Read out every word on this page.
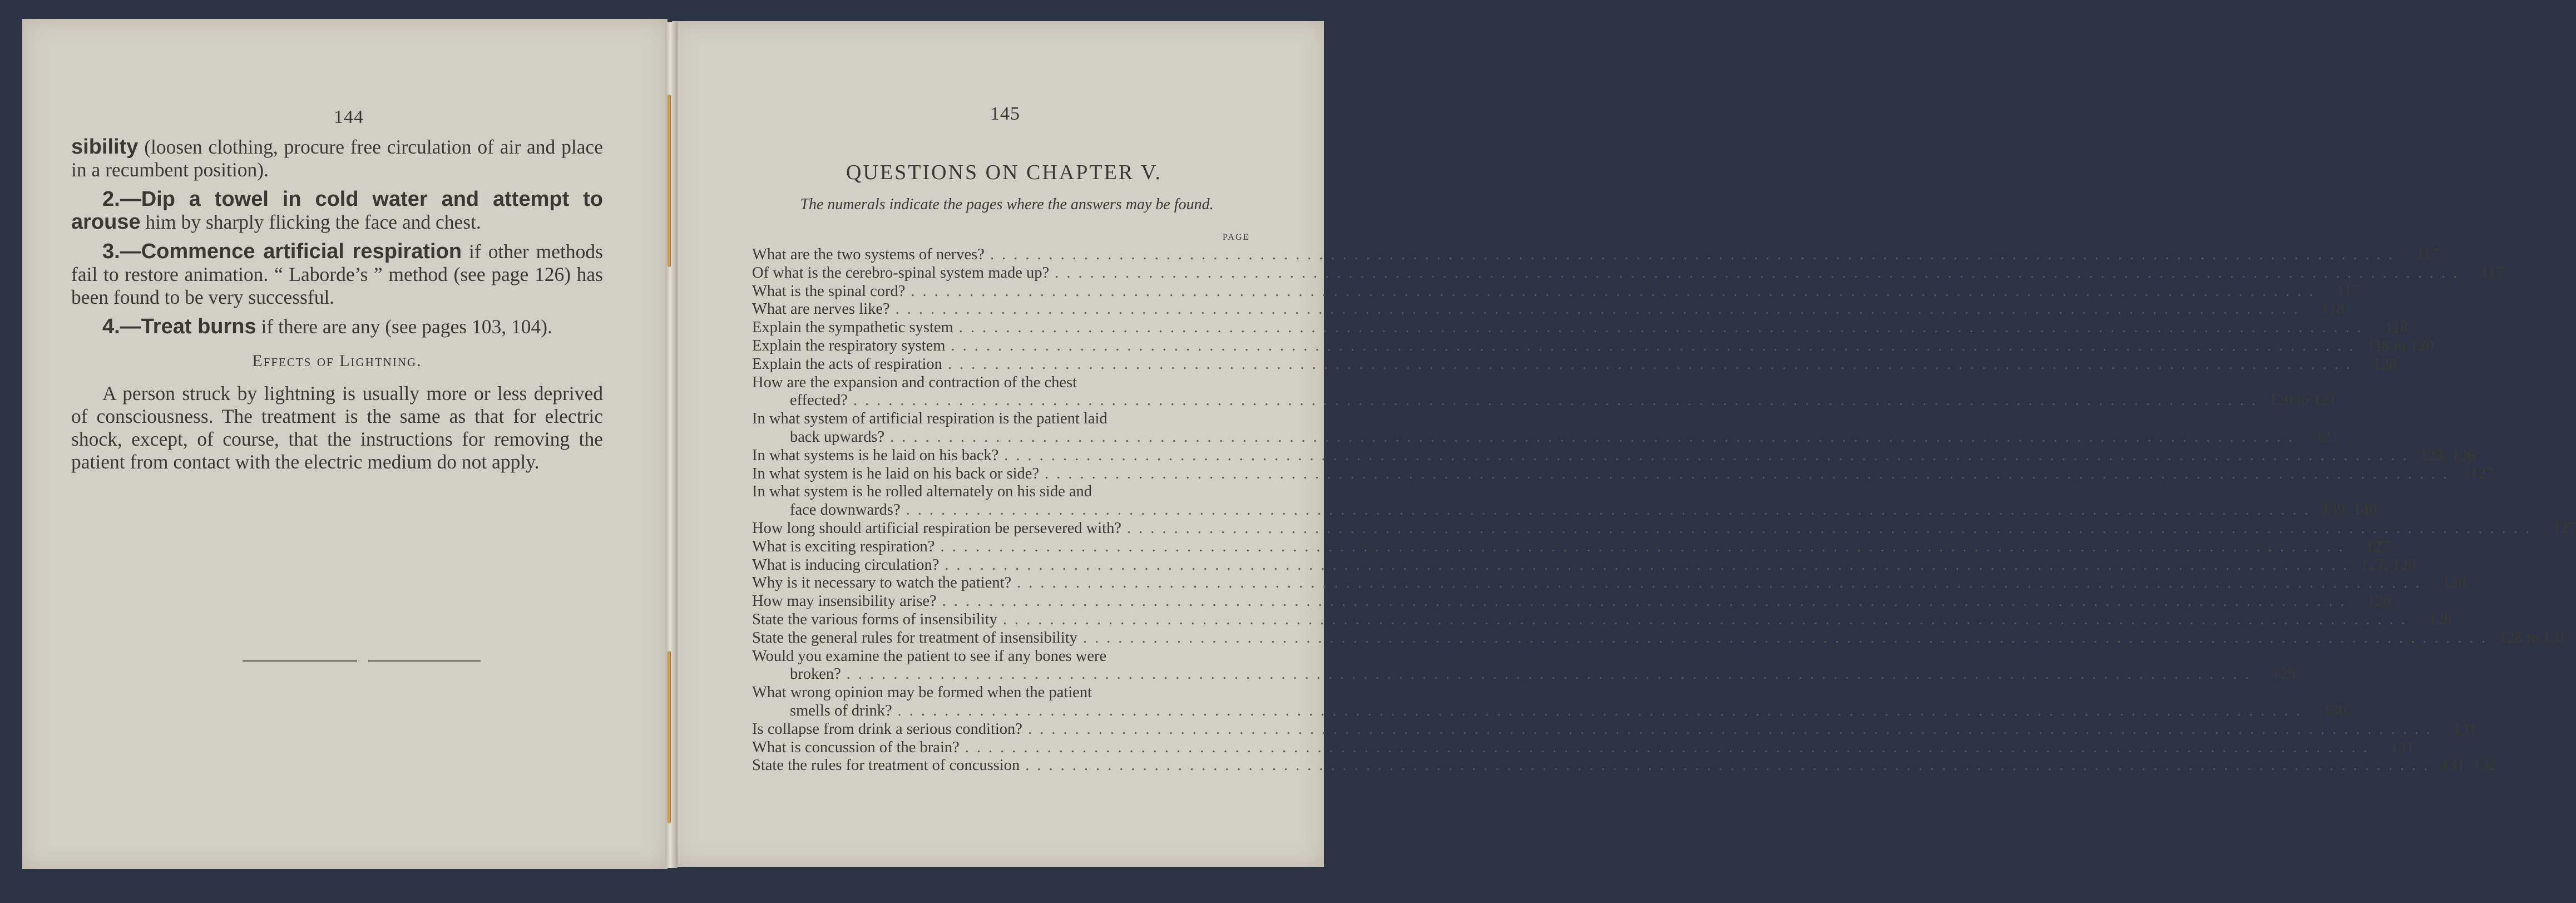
144

sibility (loosen clothing, procure free circulation of air and place in a recumbent position).

2.—Dip a towel in cold water and attempt to arouse him by sharply flicking the face and chest.

3.—Commence artificial respiration if other methods fail to restore animation. “ Laborde’s ” method (see page 126) has been found to be very successful.

4.—Treat burns if there are any (see pages 103, 104).

Effects of Lightning.

A person struck by lightning is usually more or less deprived of consciousness. The treatment is the same as that for electric shock, except, of course, that the instructions for removing the patient from contact with the electric medium do not apply.

145
QUESTIONS ON CHAPTER V.
The numerals indicate the pages where the answers may be found.
PAGE
What are the two systems of nerves? ........................................................................................................................ 117
Of what is the cerebro-spinal system made up? ........................................................................................................................ 117
What is the spinal cord? ........................................................................................................................ 117
What are nerves like? ........................................................................................................................ 118
Explain the sympathetic system ........................................................................................................................ 118
Explain the respiratory system ........................................................................................................................ 118 to 120
Explain the acts of respiration ........................................................................................................................ 120
How are the expansion and contraction of the chest
effected? ........................................................................................................................ 120 to 121
In what system of artificial respiration is the patient laid
back upwards? ........................................................................................................................ 121
In what systems is he laid on his back? ........................................................................................................................ 123, 126
In what system is he laid on his back or side? ........................................................................................................................ 127
In what system is he rolled alternately on his side and
face downwards? ........................................................................................................................ 139, 140
How long should artificial respiration be persevered with? ........................................................................................................................ 127
What is exciting respiration? ........................................................................................................................ 127
What is inducing circulation? ........................................................................................................................ 127, 128
Why is it necessary to watch the patient? ........................................................................................................................ 128
How may insensibility arise? ........................................................................................................................ 128
State the various forms of insensibility ........................................................................................................................ 128
State the general rules for treatment of insensibility ........................................................................................................................ 128 to 131
Would you examine the patient to see if any bones were
broken? ........................................................................................................................ 129
What wrong opinion may be formed when the patient
smells of drink? ........................................................................................................................ 130
Is collapse from drink a serious condition? ........................................................................................................................ 131
What is concussion of the brain? ........................................................................................................................ 131
State the rules for treatment of concussion ........................................................................................................................ 131, 132
